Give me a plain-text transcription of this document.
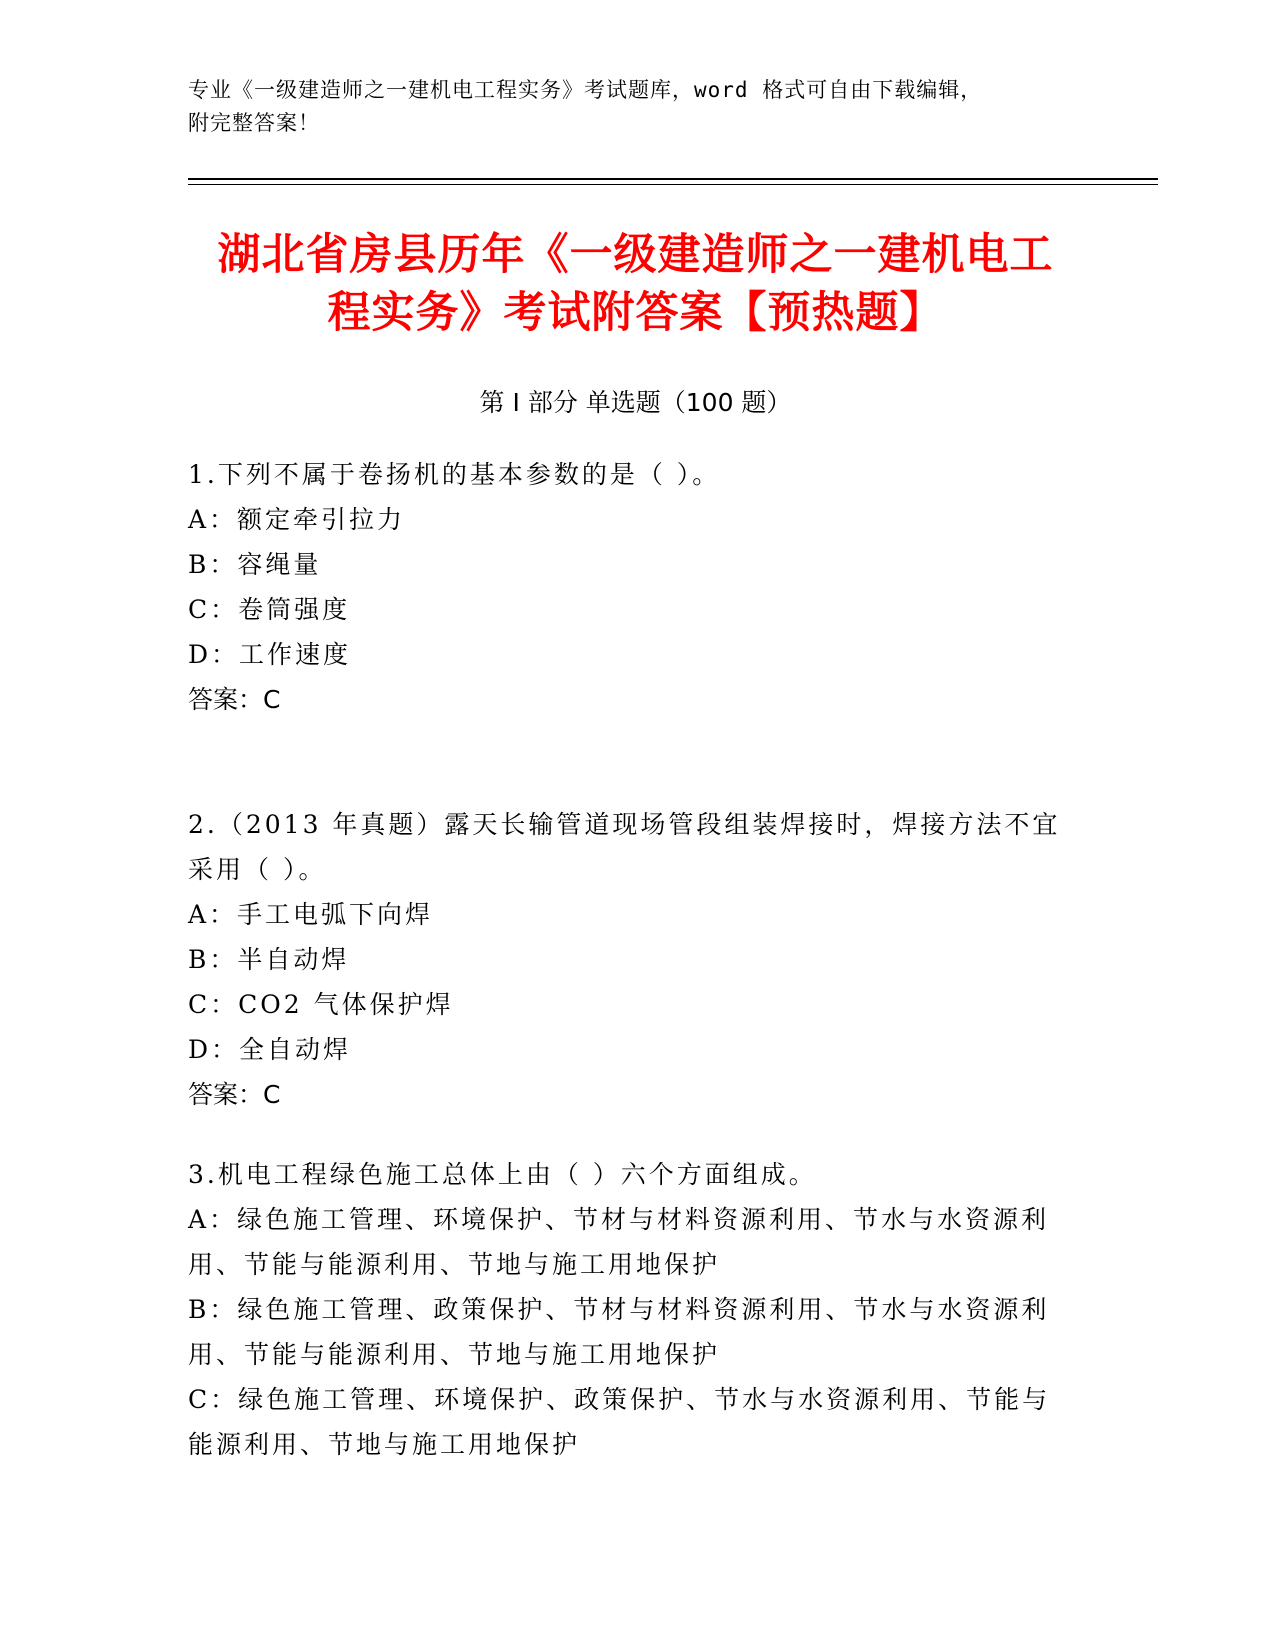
专业《一级建造师之一建机电工程实务》考试题库，word 格式可自由下载编辑，
附完整答案！
湖北省房县历年《一级建造师之一建机电工
程实务》考试附答案【预热题】
第 I 部分 单选题（100 题）
1.下列不属于卷扬机的基本参数的是（ ）。
A：额定牵引拉力
B：容绳量
C：卷筒强度
D：工作速度
答案：C
2.（2013 年真题）露天长输管道现场管段组装焊接时，焊接方法不宜
采用（ ）。
A：手工电弧下向焊
B：半自动焊
C：CO2 气体保护焊
D：全自动焊
答案：C
3.机电工程绿色施工总体上由（ ）六个方面组成。
A：绿色施工管理、环境保护、节材与材料资源利用、节水与水资源利
用、节能与能源利用、节地与施工用地保护
B：绿色施工管理、政策保护、节材与材料资源利用、节水与水资源利
用、节能与能源利用、节地与施工用地保护
C：绿色施工管理、环境保护、政策保护、节水与水资源利用、节能与
能源利用、节地与施工用地保护
